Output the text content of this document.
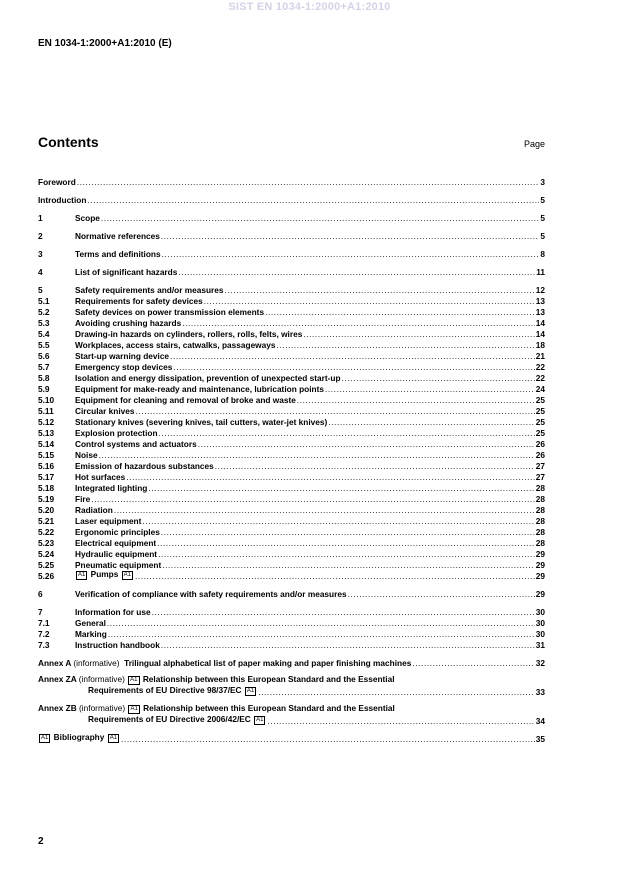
SIST EN 1034-1:2000+A1:2010
EN 1034-1:2000+A1:2010 (E)
Contents	Page
Foreword .....	3
Introduction .....	5
1	Scope .....	5
2	Normative references .....	5
3	Terms and definitions .....	8
4	List of significant hazards .....	11
5	Safety requirements and/or measures .....	12
5.1	Requirements for safety devices .....	13
5.2	Safety devices on power transmission elements .....	13
5.3	Avoiding crushing hazards .....	14
5.4	Drawing-in hazards on cylinders, rollers, rolls, felts, wires .....	14
5.5	Workplaces, access stairs, catwalks, passageways .....	18
5.6	Start-up warning device .....	21
5.7	Emergency stop devices .....	22
5.8	Isolation and energy dissipation, prevention of unexpected start-up .....	22
5.9	Equipment for make-ready and maintenance, lubrication points .....	24
5.10	Equipment for cleaning and removal of broke and waste .....	25
5.11	Circular knives .....	25
5.12	Stationary knives (severing knives, tail cutters, water-jet knives) .....	25
5.13	Explosion protection .....	25
5.14	Control systems and actuators .....	26
5.15	Noise .....	26
5.16	Emission of hazardous substances .....	27
5.17	Hot surfaces .....	27
5.18	Integrated lighting .....	28
5.19	Fire .....	28
5.20	Radiation .....	28
5.21	Laser equipment .....	28
5.22	Ergonomic principles .....	28
5.23	Electrical equipment .....	28
5.24	Hydraulic equipment .....	29
5.25	Pneumatic equipment .....	29
5.26	A1 Pumps A1 .....	29
6	Verification of compliance with safety requirements and/or measures .....	29
7	Information for use .....	30
7.1	General .....	30
7.2	Marking .....	30
7.3	Instruction handbook .....	31
Annex A (informative) Trilingual alphabetical list of paper making and paper finishing machines .....	32
Annex ZA (informative) A1 Relationship between this European Standard and the Essential
Requirements of EU Directive 98/37/EC A1 .....	33
Annex ZB (informative) A1 Relationship between this European Standard and the Essential
Requirements of EU Directive 2006/42/EC A1 .....	34
A1 Bibliography A1 .....	35
2
